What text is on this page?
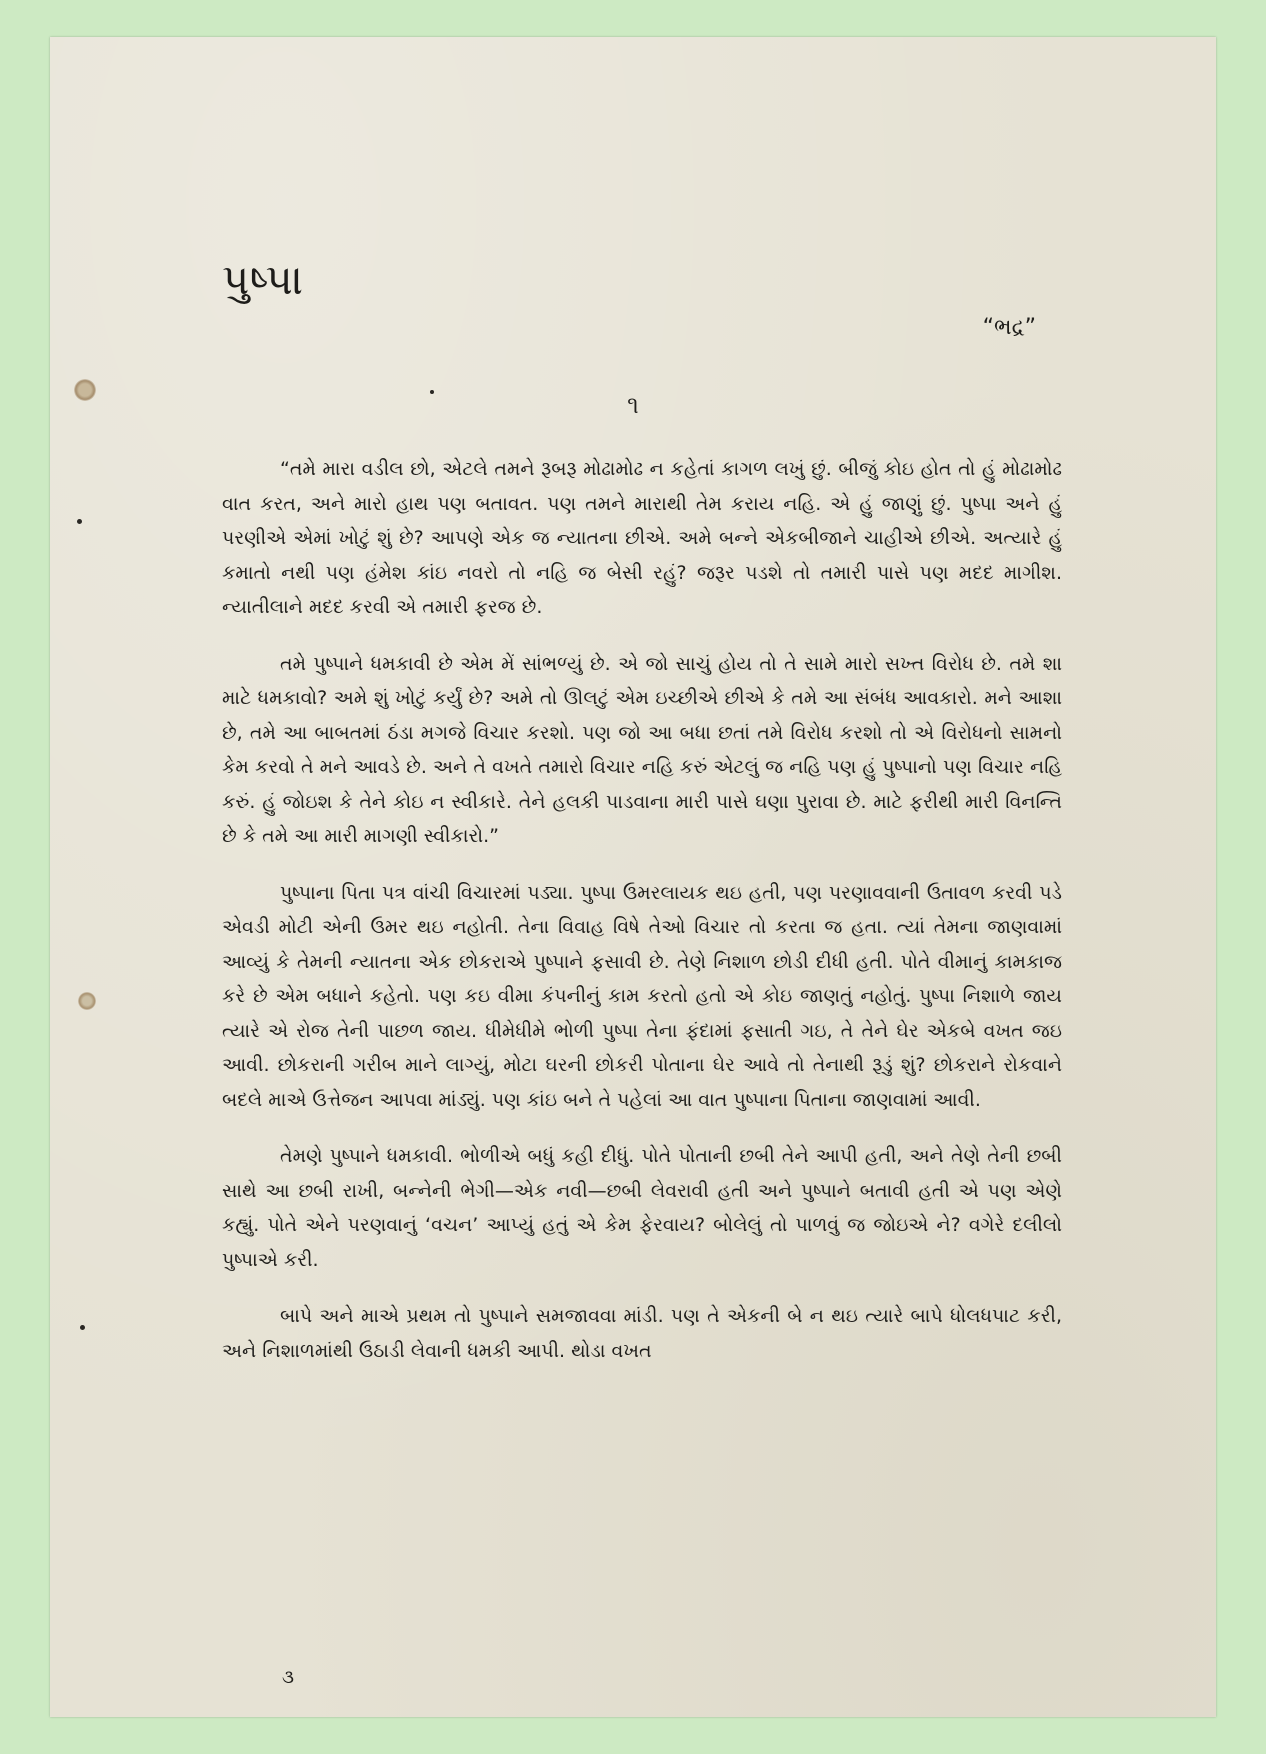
પુષ્પા
“ભદ્ર”
૧

“તમે મારા વડીલ છો, એટલે તમને રૂબરૂ મોઢામોઢ ન કહેતાં કાગળ લખું છું. બીજું કોઇ હોત તો હું મોઢામોઢ વાત કરત, અને મારો હાથ પણ બતાવત. પણ તમને મારાથી તેમ કરાય નહિ. એ હું જાણું છું. પુષ્પા અને હું પરણીએ એમાં ખોટું શું છે? આપણે એક જ ન્યાતના છીએ. અમે બન્ને એકબીજાને ચાહીએ છીએ. અત્યારે હું કમાતો નથી પણ હંમેશ કાંઇ નવરો તો નહિ જ બેસી રહું? જરૂર પડશે તો તમારી પાસે પણ મદદ માગીશ. ન્યાતીલાને મદદ કરવી એ તમારી ફરજ છે.

તમે પુષ્પાને ધમકાવી છે એમ મેં સાંભળ્યું છે. એ જો સાચું હોય તો તે સામે મારો સખ્ત વિરોધ છે. તમે શા માટે ધમકાવો? અમે શું ખોટું કર્યું છે? અમે તો ઊલટું એમ ઇચ્છીએ છીએ કે તમે આ સંબંધ આવકારો. મને આશા છે, તમે આ બાબતમાં ઠંડા મગજે વિચાર કરશો. પણ જો આ બધા છતાં તમે વિરોધ કરશો તો એ વિરોધનો સામનો કેમ કરવો તે મને આવડે છે. અને તે વખતે તમારો વિચાર નહિ કરું એટલું જ નહિ પણ હું પુષ્પાનો પણ વિચાર નહિ કરું. હું જોઇશ કે તેને કોઇ ન સ્વીકારે. તેને હલકી પાડવાના મારી પાસે ઘણા પુરાવા છે. માટે ફરીથી મારી વિનન્તિ છે કે તમે આ મારી માગણી સ્વીકારો.”

પુષ્પાના પિતા પત્ર વાંચી વિચારમાં પડ્યા. પુષ્પા ઉમરલાયક થઇ હતી, પણ પરણાવવાની ઉતાવળ કરવી પડે એવડી મોટી એની ઉમર થઇ નહોતી. તેના વિવાહ વિષે તેઓ વિચાર તો કરતા જ હતા. ત્યાં તેમના જાણવામાં આવ્યું કે તેમની ન્યાતના એક છોકરાએ પુષ્પાને ફસાવી છે. તેણે નિશાળ છોડી દીધી હતી. પોતે વીમાનું કામકાજ કરે છે એમ બધાને કહેતો. પણ કઇ વીમા કંપનીનું કામ કરતો હતો એ કોઇ જાણતું નહોતું. પુષ્પા નિશાળે જાય ત્યારે એ રોજ તેની પાછળ જાય. ધીમેધીમે ભોળી પુષ્પા તેના ફંદામાં ફસાતી ગઇ, તે તેને ઘેર એકબે વખત જઇ આવી. છોકરાની ગરીબ માને લાગ્યું, મોટા ઘરની છોકરી પોતાના ઘેર આવે તો તેનાથી રૂડું શું? છોકરાને રોકવાને બદલે માએ ઉત્તેજન આપવા માંડ્યું. પણ કાંઇ બને તે પહેલાં આ વાત પુષ્પાના પિતાના જાણવામાં આવી.

તેમણે પુષ્પાને ધમકાવી. ભોળીએ બધું કહી દીધું. પોતે પોતાની છબી તેને આપી હતી, અને તેણે તેની છબી સાથે આ છબી રાખી, બન્નેની ભેગી—એક નવી—છબી લેવરાવી હતી અને પુષ્પાને બતાવી હતી એ પણ એણે કહ્યું. પોતે એને પરણવાનું ‘વચન’ આપ્યું હતું એ કેમ ફેરવાય? બોલેલું તો પાળવું જ જોઇએ ને? વગેરે દલીલો પુષ્પાએ કરી.

બાપે અને માએ પ્રથમ તો પુષ્પાને સમજાવવા માંડી. પણ તે એકની બે ન થઇ ત્યારે બાપે ધોલધપાટ કરી, અને નિશાળમાંથી ઉઠાડી લેવાની ધમકી આપી. થોડા વખત

૩
